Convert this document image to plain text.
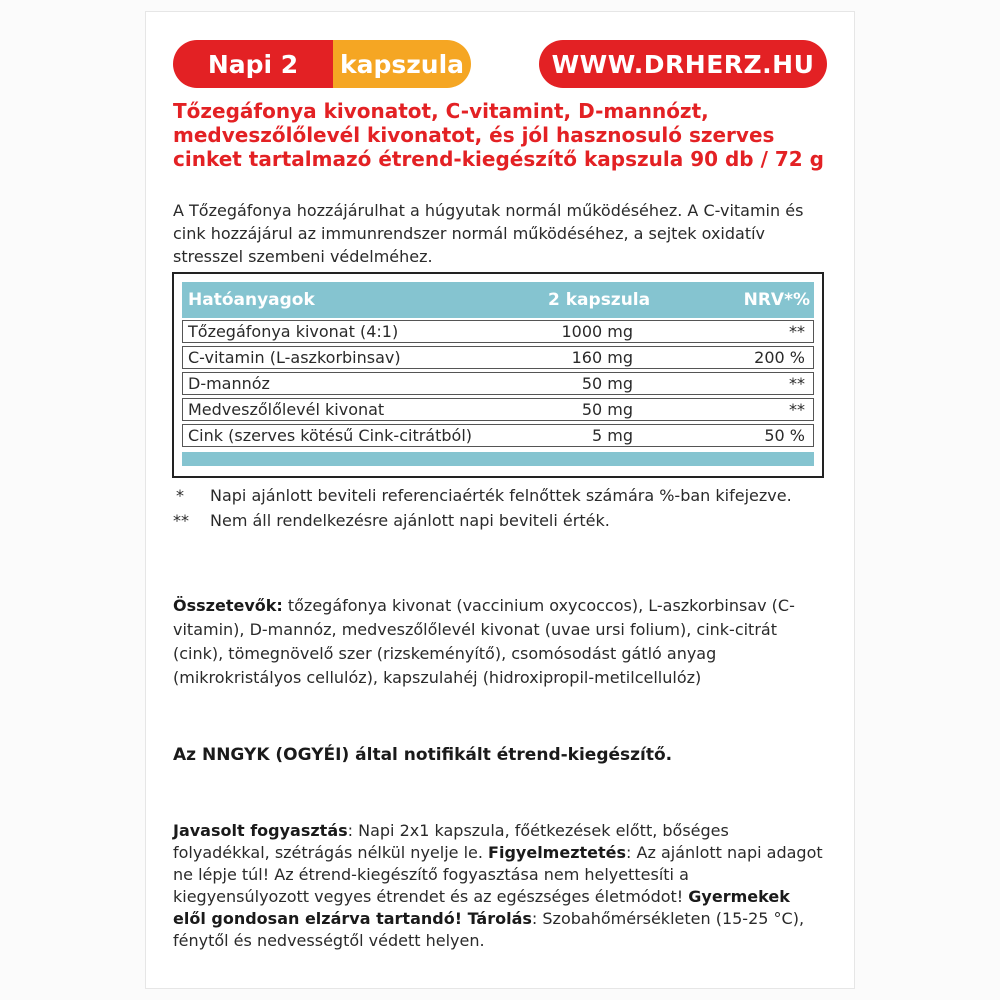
Napi 2	kapszula	WWW.DRHERZ.HU
Tőzegáfonya kivonatot, C-vitamint, D-mannózt, medveszőlőlevél kivonatot, és jól hasznosuló szerves cinket tartalmazó étrend-kiegészítő kapszula 90 db / 72 g
A Tőzegáfonya hozzájárulhat a húgyutak normál működéséhez. A C-vitamin és cink hozzájárul az immunrendszer normál működéséhez, a sejtek oxidatív stresszel szembeni védelméhez.
Hatóanyagok	2 kapszula	NRV*%
Tőzegáfonya kivonat (4:1)	1000 mg	**
C-vitamin (L-aszkorbinsav)	160 mg	200 %
D-mannóz	50 mg	**
Medveszőlőlevél kivonat	50 mg	**
Cink (szerves kötésű Cink-citrátból)	5 mg	50 %
* Napi ajánlott beviteli referenciaérték felnőttek számára %-ban kifejezve.
** Nem áll rendelkezésre ajánlott napi beviteli érték.
Összetevők: tőzegáfonya kivonat (vaccinium oxycoccos), L-aszkorbinsav (C-vitamin), D-mannóz, medveszőlőlevél kivonat (uvae ursi folium), cink-citrát (cink), tömegnövelő szer (rizskeményítő), csomósodást gátló anyag (mikrokristályos cellulóz), kapszulahéj (hidroxipropil-metilcellulóz)
Az NNGYK (OGYÉI) által notifikált étrend-kiegészítő.
Javasolt fogyasztás: Napi 2x1 kapszula, főétkezések előtt, bőséges folyadékkal, szétrágás nélkül nyelje le. Figyelmeztetés: Az ajánlott napi adagot ne lépje túl! Az étrend-kiegészítő fogyasztása nem helyettesíti a kiegyensúlyozott vegyes étrendet és az egészséges életmódot! Gyermekek elől gondosan elzárva tartandó! Tárolás: Szobahőmérsékleten (15-25 °C), fénytől és nedvességtől védett helyen.
